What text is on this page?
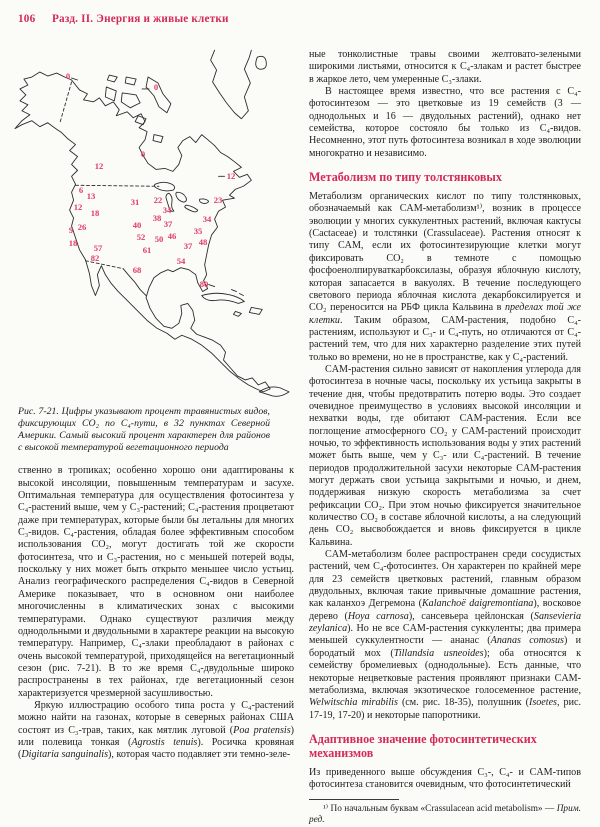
106	Разд. II. Энергия и живые клетки
0
0
0
12
12
6
13
12
18
31 22
34
38
37
40
23
34
35
26
9
18 57
82
52 50 46
61	37 48
68
54
80
Рис. 7-21. Цифры указывают процент травянистых видов, фиксирующих CO₂ по C₄-пути, в 32 пунктах Северной Америки. Самый высокий процент характерен для районов с высокой температурой вегетационного периода

ственно в тропиках; особенно хорошо они адаптированы к высокой инсоляции, повышенным температурам и засухе. Оптимальная температура для осуществления фотосинтеза у C₄-растений выше, чем у C₃-растений; C₄-растения процветают даже при температурах, которые были бы летальны для многих C₃-видов. C₄-растения, обладая более эффективным способом использования CO₂, могут достигать той же скорости фотосинтеза, что и C₃-растения, но с меньшей потерей воды, поскольку у них может быть открыто меньшее число устьиц. Анализ географического распределения C₄-видов в Северной Америке показывает, что в основном они наиболее многочисленны в климатических зонах с высокими температурами. Однако существуют различия между однодольными и двудольными в характере реакции на высокую температуру. Например, C₄-злаки преобладают в районах с очень высокой температурой, приходящейся на вегетационный сезон (рис. 7-21). В то же время C₄-двудольные широко распространены в тех районах, где вегетационный сезон характеризуется чрезмерной засушливостью.

Яркую иллюстрацию особого типа роста у C₄-растений можно найти на газонах, которые в северных районах США состоят из C₃-трав, таких, как мятлик луговой (Poa pratensis) или полевица тонкая (Agrostis tenuis). Росичка кровяная (Digitaria sanguinalis), которая часто подавляет эти темно-зеле-

ные тонколистные травы своими желтовато-зелеными широкими листьями, относится к C₄-злакам и растет быстрее в жаркое лето, чем умеренные C₃-злаки.

В настоящее время известно, что все растения с C₄-фотосинтезом — это цветковые из 19 семейств (3 — однодольных и 16 — двудольных растений), однако нет семейства, которое состояло бы только из C₄-видов. Несомненно, этот путь фотосинтеза возникал в ходе эволюции многократно и независимо.

Метаболизм по типу толстянковых

Метаболизм органических кислот по типу толстянковых, обозначаемый как CAM-метаболизм¹⁾, возник в процессе эволюции у многих суккулентных растений, включая кактусы (Cactaceae) и толстянки (Crassulaceae). Растения относят к типу CAM, если их фотосинтезирующие клетки могут фиксировать CO₂ в темноте с помощью фосфоенолпируваткарбоксилазы, образуя яблочную кислоту, которая запасается в вакуолях. В течение последующего светового периода яблочная кислота декарбоксилируется и CO₂ переносится на РБФ цикла Кальвина в пределах той же клетки. Таким образом, CAM-растения, подобно C₄-растениям, используют и C₃- и C₄-путь, но отличаются от C₄-растений тем, что для них характерно разделение этих путей только во времени, но не в пространстве, как у C₄-растений.

CAM-растения сильно зависят от накопления углерода для фотосинтеза в ночные часы, поскольку их устьица закрыты в течение дня, чтобы предотвратить потерю воды. Это создает очевидное преимущество в условиях высокой инсоляции и нехватки воды, где обитают CAM-растения. Если все поглощение атмосферного CO₂ у CAM-растений происходит ночью, то эффективность использования воды у этих растений может быть выше, чем у C₃- или C₄-растений. В течение периодов продолжительной засухи некоторые CAM-растения могут держать свои устьица закрытыми и ночью, и днем, поддерживая низкую скорость метаболизма за счет рефиксации CO₂. При этом ночью фиксируется значительное количество CO₂ в составе яблочной кислоты, а на следующий день CO₂ высвобождается и вновь фиксируется в цикле Кальвина.

CAM-метаболизм более распространен среди сосудистых растений, чем C₄-фотосинтез. Он характерен по крайней мере для 23 семейств цветковых растений, главным образом двудольных, включая такие привычные домашние растения, как каланхоэ Дегремона (Kalanchoë daigremontiana), восковое дерево (Hoya carnosa), сансевьера цейлонская (Sansevieria zeylanica). Но не все CAM-растения суккуленты; два примера меньшей суккулентности — ананас (Ananas comosus) и бородатый мох (Tillandsia usneoides); оба относятся к семейству бромелиевых (однодольные). Есть данные, что некоторые нецветковые растения проявляют признаки CAM-метаболизма, включая экзотическое голосеменное растение, Welwitschia mirabilis (см. рис. 18-35), полушник (Isoetes, рис. 17-19, 17-20) и некоторые папоротники.

Адаптивное значение фотосинтетических механизмов

Из приведенного выше обсуждения C₃-, C₄- и CAM-типов фотосинтеза становится очевидным, что фотосинтетический

¹⁾ По начальным буквам «Crassulacean acid metabolism» — Прим. ред.
